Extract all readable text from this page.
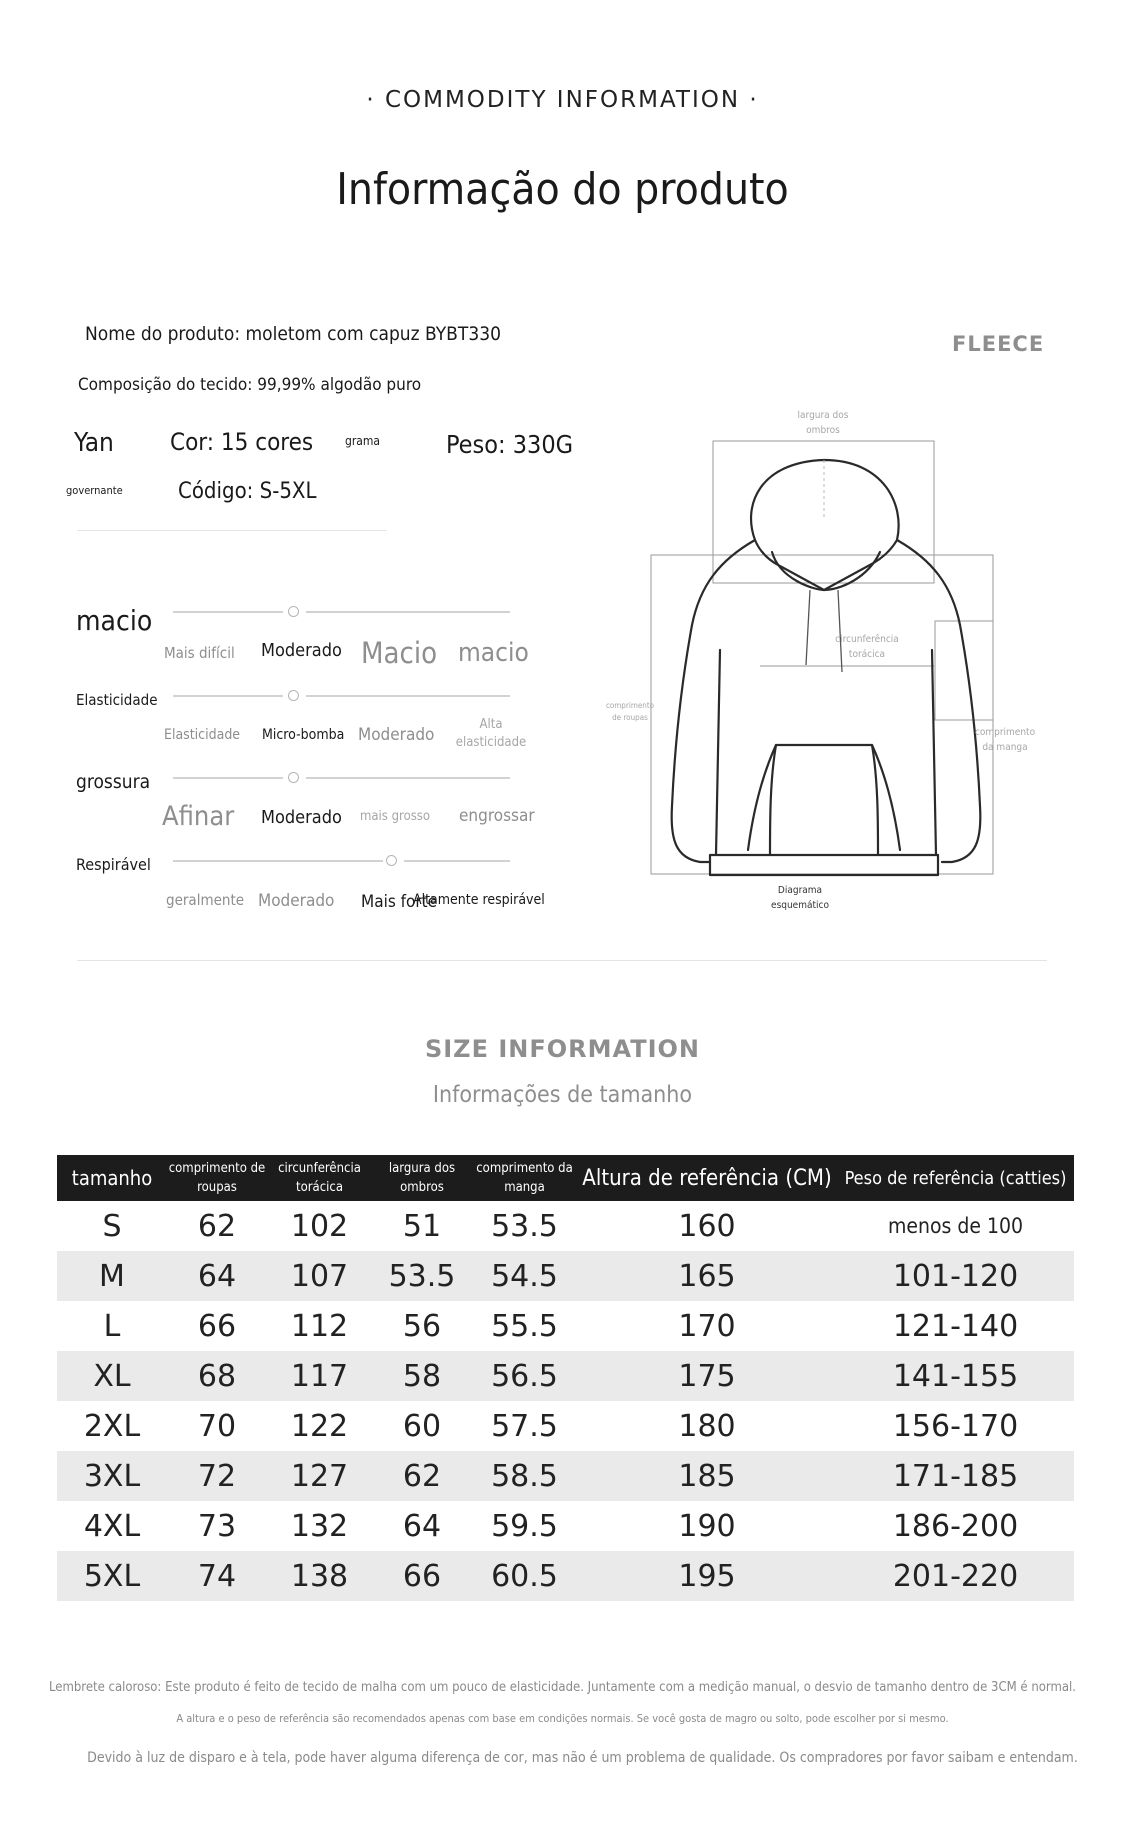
· COMMODITY INFORMATION ·
Informação do produto
Nome do produto: moletom com capuz BYBT330
Composição do tecido: 99,99% algodão puro
Yan Cor: 15 cores	grama	Peso: 330G
governante	Código: S-5XL
macio
Mais difícil Moderado Macio macio
Elasticidade
Elasticidade Micro-bomba Moderado
Alta elasticidade
grossura
Afinar Moderado mais grosso engrossar
Respirável
geralmente Moderado Mais forte
Altamente respirável
FLEECE
largura dos ombros
circunferência torácica
comprimento de roupas
comprimento da manga
Diagrama esquemático
SIZE INFORMATION
Informações de tamanho
tamanho	comprimento de roupas	circunferência torácica	largura dos ombros	comprimento da manga	Altura de referência (CM)	Peso de referência (catties)
S	62	102	51	53.5	160	menos de 100
M	64	107	53.5	54.5	165	101-120
L	66	112	56	55.5	170	121-140
XL	68	117	58	56.5	175	141-155
2XL	70	122	60	57.5	180	156-170
3XL	72	127	62	58.5	185	171-185
4XL	73	132	64	59.5	190	186-200
5XL	74	138	66	60.5	195	201-220
Lembrete caloroso: Este produto é feito de tecido de malha com um pouco de elasticidade. Juntamente com a medição manual, o desvio de tamanho dentro de 3CM é normal.
A altura e o peso de referência são recomendados apenas com base em condições normais. Se você gosta de magro ou solto, pode escolher por si mesmo.
Devido à luz de disparo e à tela, pode haver alguma diferença de cor, mas não é um problema de qualidade. Os compradores por favor saibam e entendam.
